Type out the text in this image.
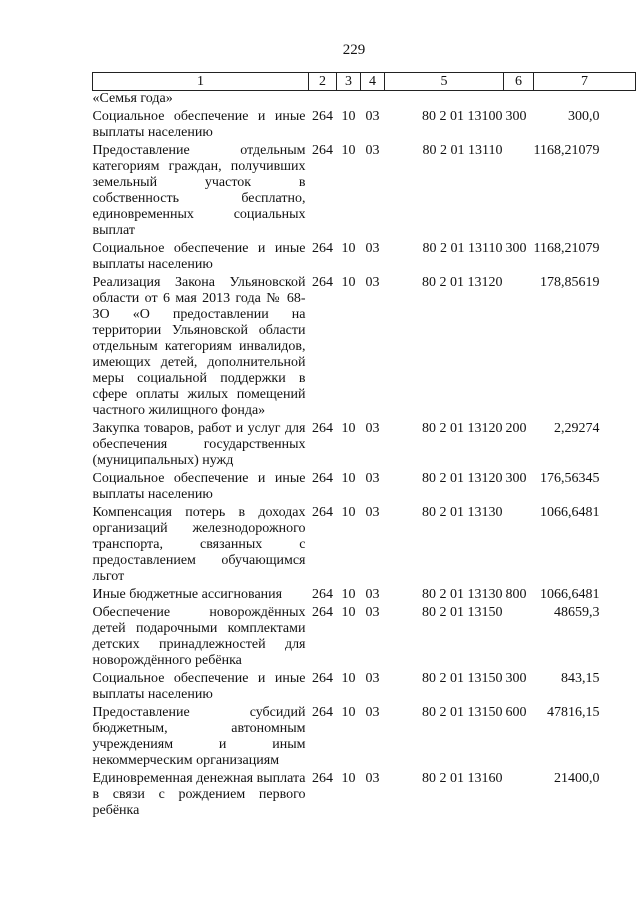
229
1	2	3	4	5	6	7
«Семья года»						
Социальное обеспечение и иные выплаты населению	264	10	03	80 2 01 13100	300	300,0
Предоставление отдельным категориям граждан, получивших земельный участок в собственность бесплатно, единовременных социальных выплат	264	10	03	80 2 01 13110		1168,21079
Социальное обеспечение и иные выплаты населению	264	10	03	80 2 01 13110	300	1168,21079
Реализация Закона Ульяновской области от 6 мая 2013 года № 68-ЗО «О предоставлении на территории Ульяновской области отдельным категориям инвалидов, имеющих детей, дополнительной меры социальной поддержки в сфере оплаты жилых помещений частного жилищного фонда»	264	10	03	80 2 01 13120		178,85619
Закупка товаров, работ и услуг для обеспечения государственных (муниципальных) нужд	264	10	03	80 2 01 13120	200	2,29274
Социальное обеспечение и иные выплаты населению	264	10	03	80 2 01 13120	300	176,56345
Компенсация потерь в доходах организаций железнодорожного транспорта, связанных с предоставлением обучающимся льгот	264	10	03	80 2 01 13130		1066,6481
Иные бюджетные ассигнования	264	10	03	80 2 01 13130	800	1066,6481
Обеспечение новорождённых детей подарочными комплектами детских принадлежностей для новорождённого ребёнка	264	10	03	80 2 01 13150		48659,3
Социальное обеспечение и иные выплаты населению	264	10	03	80 2 01 13150	300	843,15
Предоставление субсидий бюджетным, автономным учреждениям и иным некоммерческим организациям	264	10	03	80 2 01 13150	600	47816,15
Единовременная денежная выплата в связи с рождением первого ребёнка	264	10	03	80 2 01 13160		21400,0
